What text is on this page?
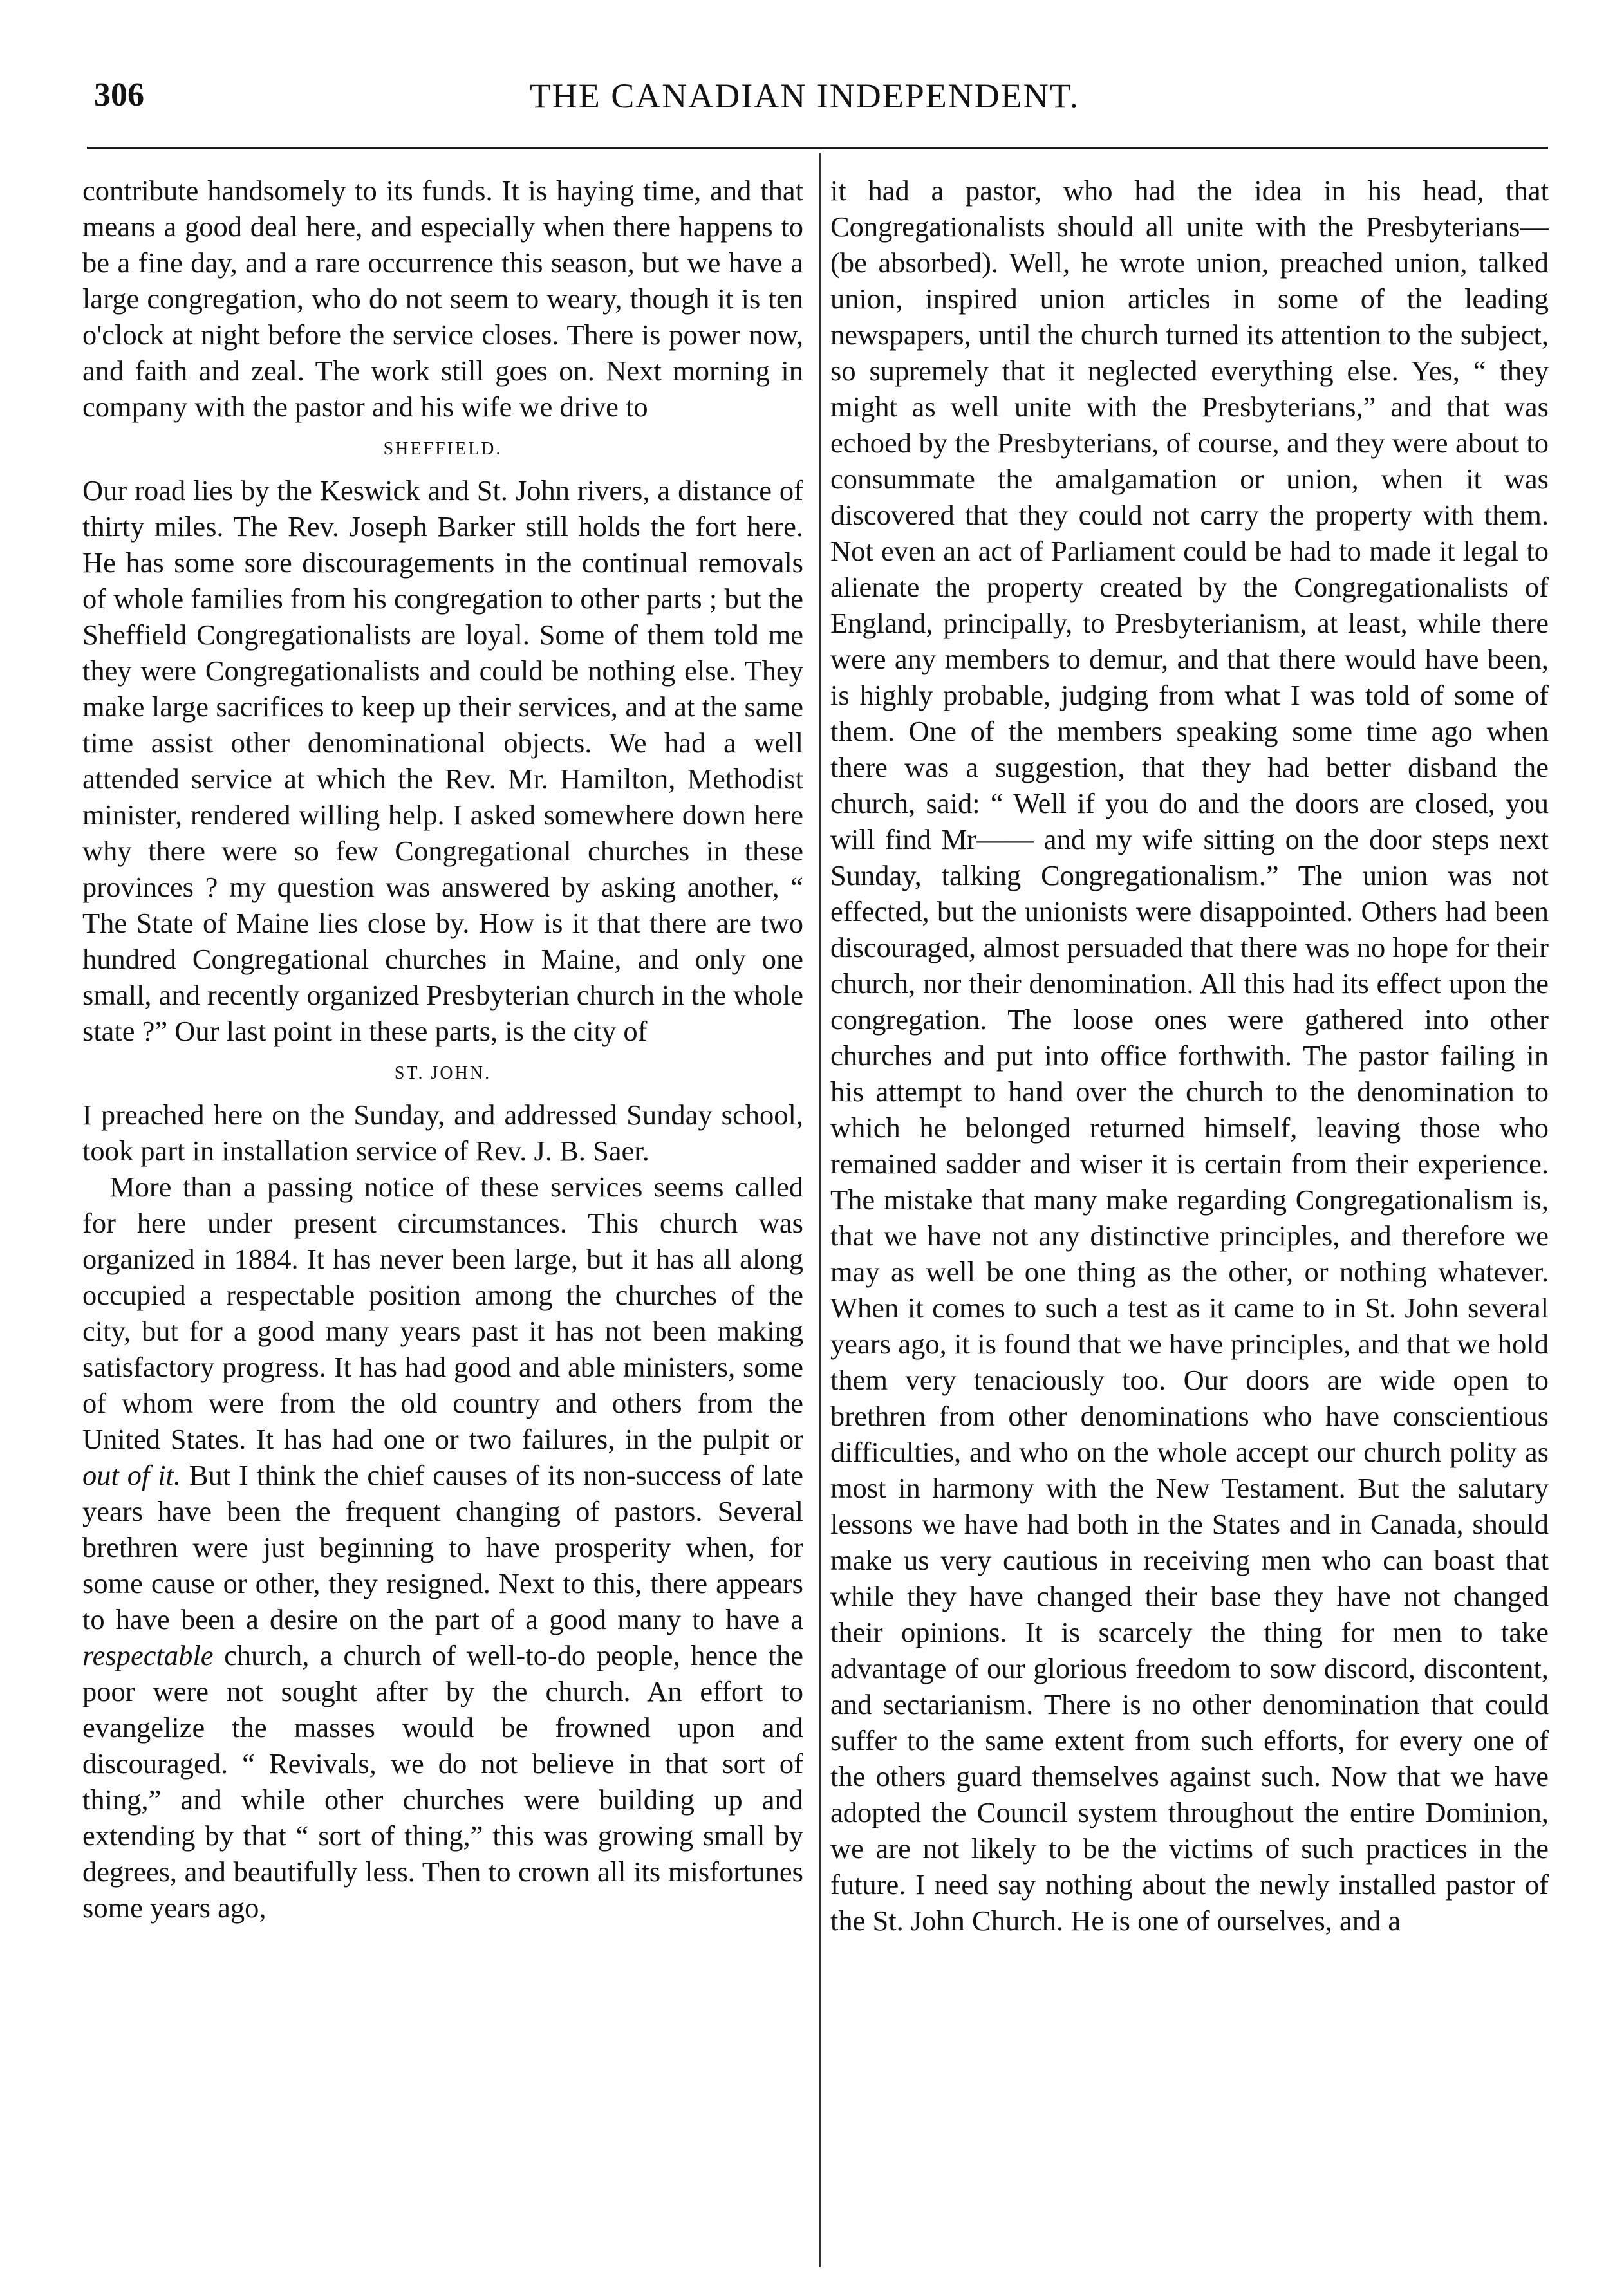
306	THE CANADIAN INDEPENDENT.

contribute handsomely to its funds. It is haying time, and that means a good deal here, and especially when there happens to be a fine day, and a rare occurrence this season, but we have a large congregation, who do not seem to weary, though it is ten o'clock at night before the service closes. There is power now, and faith and zeal. The work still goes on. Next morning in company with the pastor and his wife we drive to

SHEFFIELD.

Our road lies by the Keswick and St. John rivers, a distance of thirty miles. The Rev. Joseph Barker still holds the fort here. He has some sore discouragements in the continual removals of whole families from his congregation to other parts ; but the Sheffield Congregationalists are loyal. Some of them told me they were Congregationalists and could be nothing else. They make large sacrifices to keep up their services, and at the same time assist other denominational objects. We had a well attended service at which the Rev. Mr. Hamilton, Methodist minister, rendered willing help. I asked somewhere down here why there were so few Congregational churches in these provinces ? my question was answered by asking another, “ The State of Maine lies close by. How is it that there are two hundred Congregational churches in Maine, and only one small, and recently organized Presbyterian church in the whole state ?” Our last point in these parts, is the city of

ST. JOHN.

I preached here on the Sunday, and addressed Sunday school, took part in installation service of Rev. J. B. Saer.

More than a passing notice of these services seems called for here under present circumstances. This church was organized in 1884. It has never been large, but it has all along occupied a respectable position among the churches of the city, but for a good many years past it has not been making satisfactory progress. It has had good and able ministers, some of whom were from the old country and others from the United States. It has had one or two failures, in the pulpit or out of it. But I think the chief causes of its non-success of late years have been the frequent changing of pastors. Several brethren were just beginning to have prosperity when, for some cause or other, they resigned. Next to this, there appears to have been a desire on the part of a good many to have a respectable church, a church of well-to-do people, hence the poor were not sought after by the church. An effort to evangelize the masses would be frowned upon and discouraged. “ Revivals, we do not believe in that sort of thing,” and while other churches were building up and extending by that “ sort of thing,” this was growing small by degrees, and beautifully less. Then to crown all its misfortunes some years ago,

it had a pastor, who had the idea in his head, that Congregationalists should all unite with the Presbyterians—(be absorbed). Well, he wrote union, preached union, talked union, inspired union articles in some of the leading newspapers, until the church turned its attention to the subject, so supremely that it neglected everything else. Yes, “ they might as well unite with the Presbyterians,” and that was echoed by the Presbyterians, of course, and they were about to consummate the amalgamation or union, when it was discovered that they could not carry the property with them. Not even an act of Parliament could be had to made it legal to alienate the property created by the Congregationalists of England, principally, to Presbyterianism, at least, while there were any members to demur, and that there would have been, is highly probable, judging from what I was told of some of them. One of the members speaking some time ago when there was a suggestion, that they had better disband the church, said: “ Well if you do and the doors are closed, you will find Mr—— and my wife sitting on the door steps next Sunday, talking Congregationalism.” The union was not effected, but the unionists were disappointed. Others had been discouraged, almost persuaded that there was no hope for their church, nor their denomination. All this had its effect upon the congregation. The loose ones were gathered into other churches and put into office forthwith. The pastor failing in his attempt to hand over the church to the denomination to which he belonged returned himself, leaving those who remained sadder and wiser it is certain from their experience. The mistake that many make regarding Congregationalism is, that we have not any distinctive principles, and therefore we may as well be one thing as the other, or nothing whatever. When it comes to such a test as it came to in St. John several years ago, it is found that we have principles, and that we hold them very tenaciously too. Our doors are wide open to brethren from other denominations who have conscientious difficulties, and who on the whole accept our church polity as most in harmony with the New Testament. But the salutary lessons we have had both in the States and in Canada, should make us very cautious in receiving men who can boast that while they have changed their base they have not changed their opinions. It is scarcely the thing for men to take advantage of our glorious freedom to sow discord, discontent, and sectarianism. There is no other denomination that could suffer to the same extent from such efforts, for every one of the others guard themselves against such. Now that we have adopted the Council system throughout the entire Dominion, we are not likely to be the victims of such practices in the future. I need say nothing about the newly installed pastor of the St. John Church. He is one of ourselves, and a
